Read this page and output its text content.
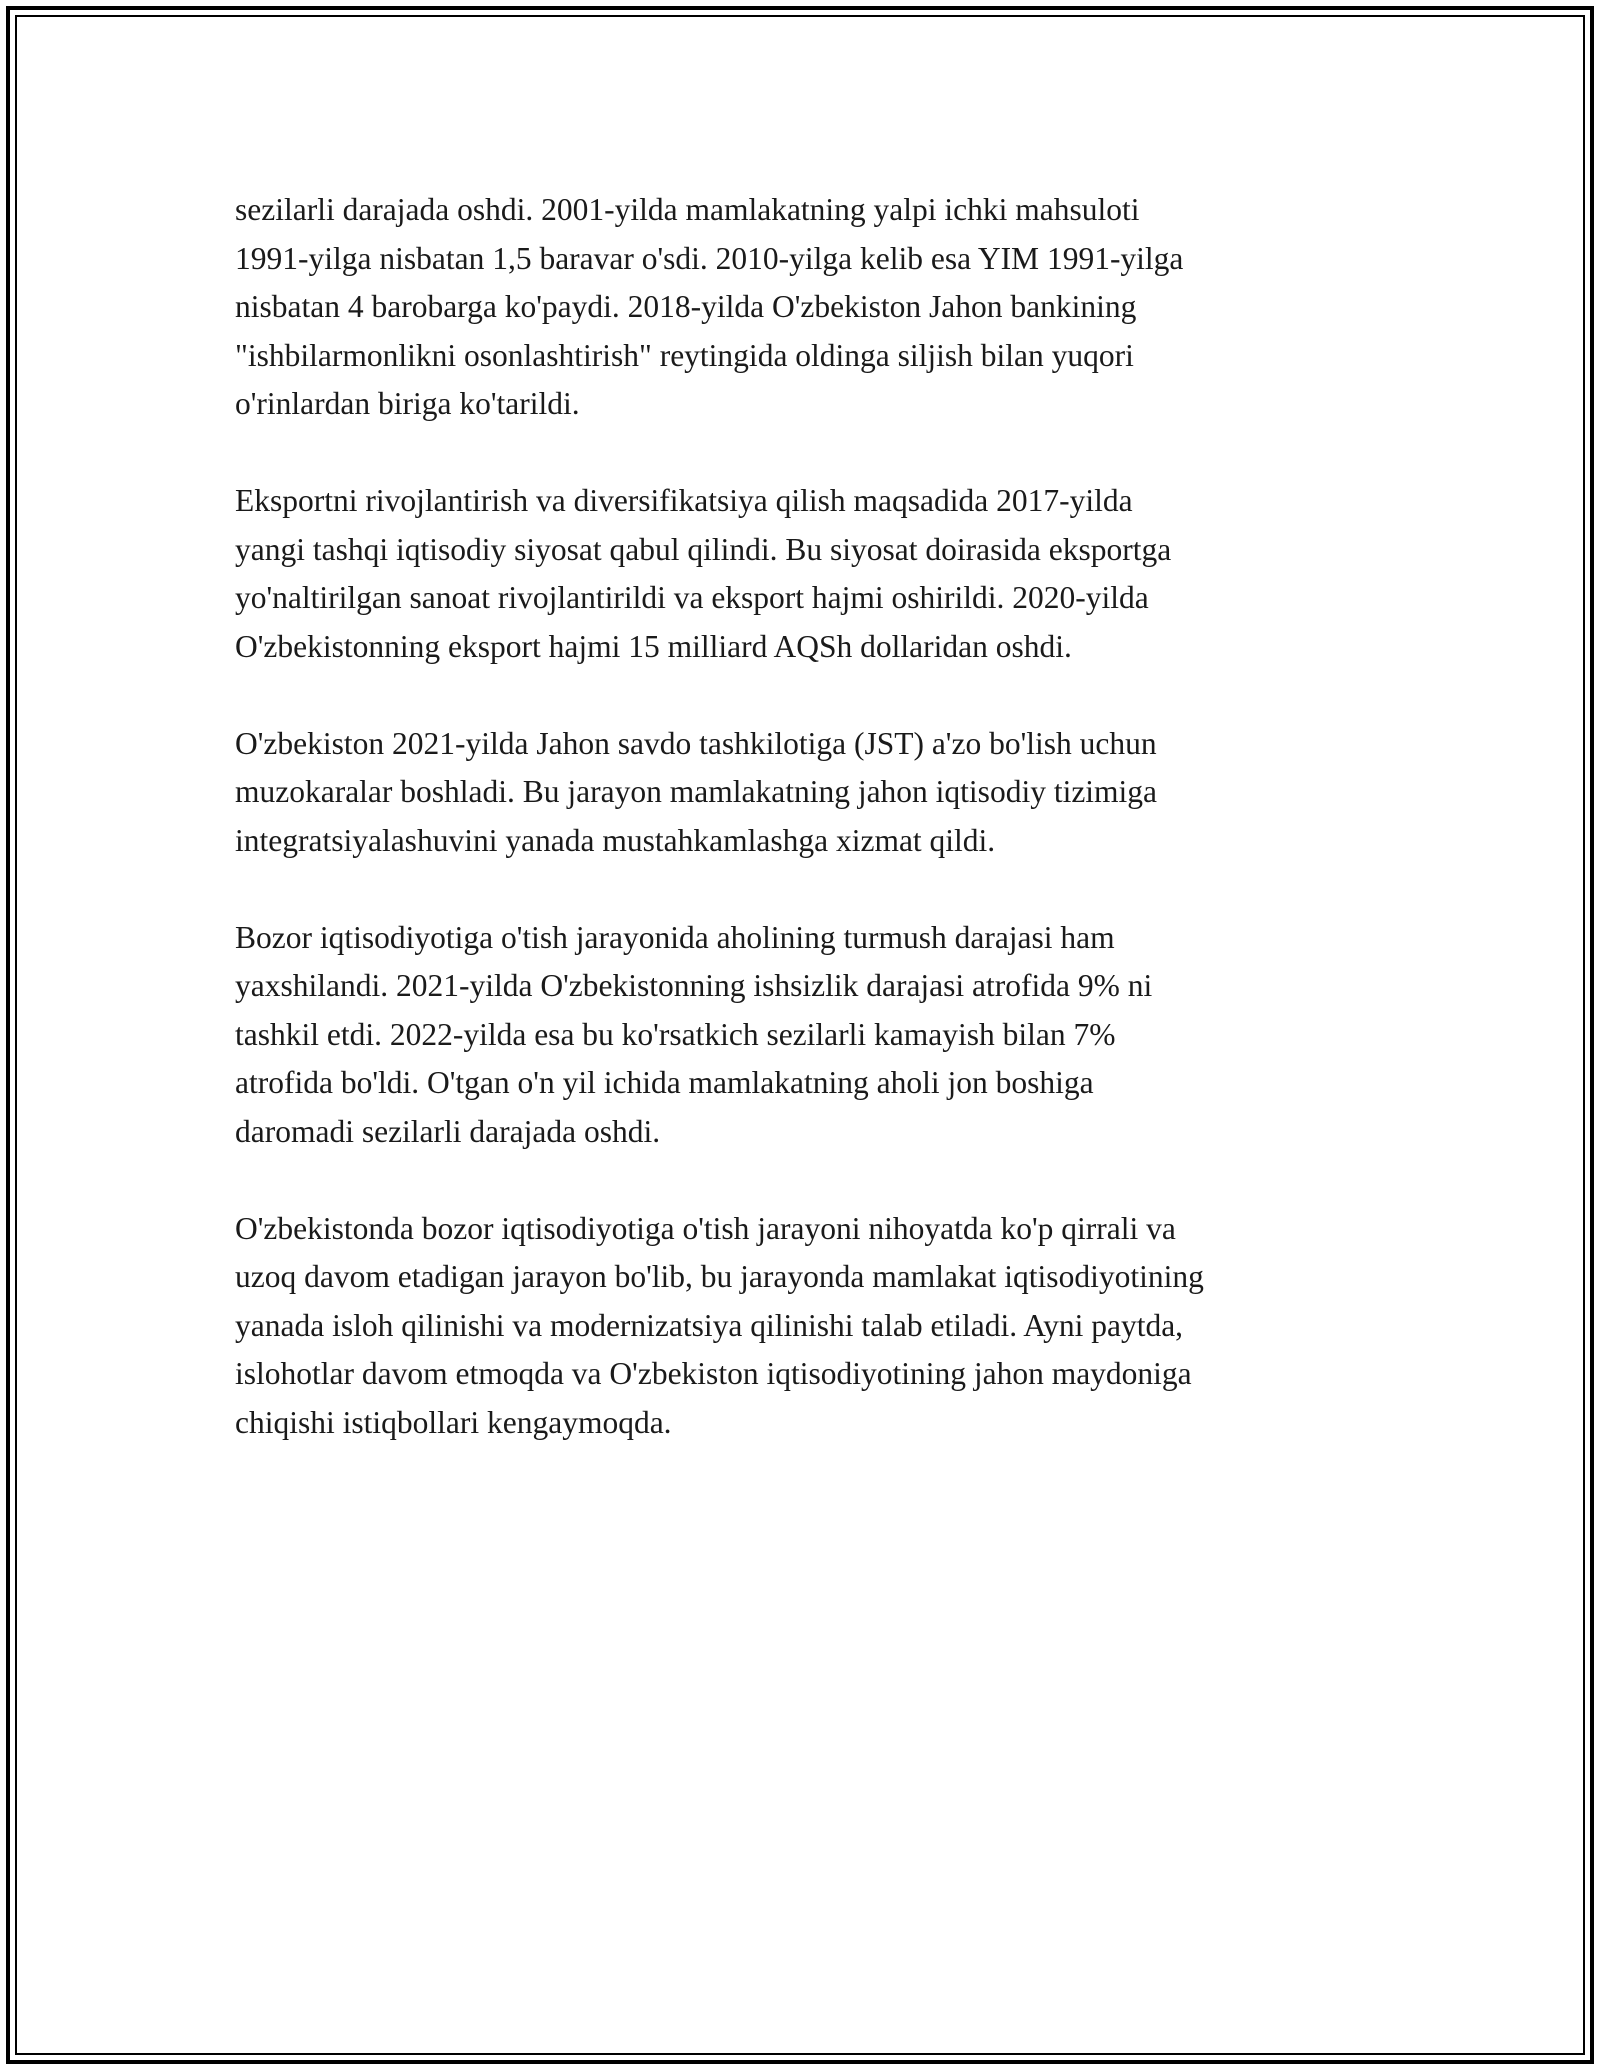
sezilarli darajada oshdi. 2001-yilda mamlakatning yalpi ichki mahsuloti
1991-yilga nisbatan 1,5 baravar o'sdi. 2010-yilga kelib esa YIM 1991-yilga
nisbatan 4 barobarga ko'paydi. 2018-yilda O'zbekiston Jahon bankining
"ishbilarmonlikni osonlashtirish" reytingida oldinga siljish bilan yuqori
o'rinlardan biriga ko'tarildi.

Eksportni rivojlantirish va diversifikatsiya qilish maqsadida 2017-yilda
yangi tashqi iqtisodiy siyosat qabul qilindi. Bu siyosat doirasida eksportga
yo'naltirilgan sanoat rivojlantirildi va eksport hajmi oshirildi. 2020-yilda
O'zbekistonning eksport hajmi 15 milliard AQSh dollaridan oshdi.

O'zbekiston 2021-yilda Jahon savdo tashkilotiga (JST) a'zo bo'lish uchun
muzokaralar boshladi. Bu jarayon mamlakatning jahon iqtisodiy tizimiga
integratsiyalashuvini yanada mustahkamlashga xizmat qildi.

Bozor iqtisodiyotiga o'tish jarayonida aholining turmush darajasi ham
yaxshilandi. 2021-yilda O'zbekistonning ishsizlik darajasi atrofida 9% ni
tashkil etdi. 2022-yilda esa bu ko'rsatkich sezilarli kamayish bilan 7%
atrofida bo'ldi. O'tgan o'n yil ichida mamlakatning aholi jon boshiga
daromadi sezilarli darajada oshdi.

O'zbekistonda bozor iqtisodiyotiga o'tish jarayoni nihoyatda ko'p qirrali va
uzoq davom etadigan jarayon bo'lib, bu jarayonda mamlakat iqtisodiyotining
yanada isloh qilinishi va modernizatsiya qilinishi talab etiladi. Ayni paytda,
islohotlar davom etmoqda va O'zbekiston iqtisodiyotining jahon maydoniga
chiqishi istiqbollari kengaymoqda.
